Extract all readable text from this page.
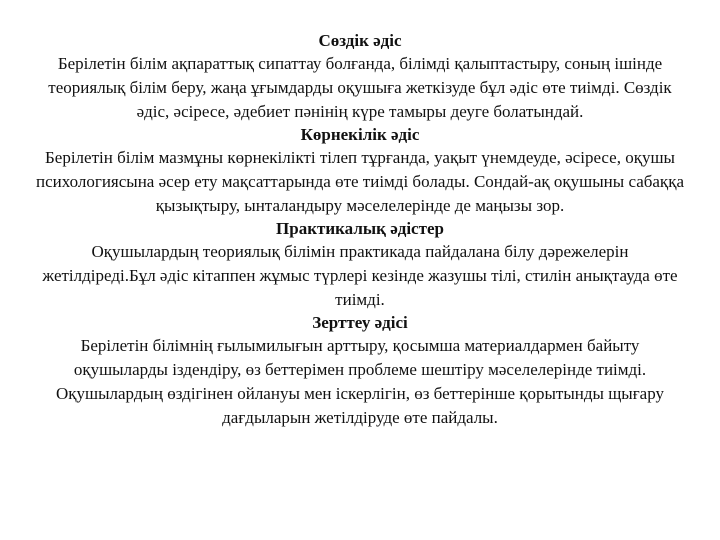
Сөздік әдіс

Берілетін білім ақпараттық сипаттау болғанда, білімді қалыптастыру, соның ішінде теориялық білім беру, жаңа ұғымдарды оқушыға жеткізуде бұл әдіс өте тиімді. Сөздік әдіс, әсіресе, әдебиет пәнінің күре тамыры деуге болатындай.

Көрнекілік әдіс

Берілетін білім мазмұны көрнекілікті тілеп тұрғанда, уақыт үнемдеуде, әсіресе, оқушы психологиясына әсер ету мақсаттарында өте тиімді болады. Сондай-ақ оқушыны сабаққа қызықтыру, ынталандыру мәселелерінде де маңызы зор.

Практикалық әдістер

Оқушылардың теориялық білімін практикада пайдалана білу дәрежелерін жетілдіреді.Бұл әдіс кітаппен жұмыс түрлері кезінде жазушы тілі, стилін анықтауда өте тиімді.

Зерттеу әдісі

Берілетін білімнің ғылымилығын арттыру, қосымша материалдармен байыту оқушыларды іздендіру, өз беттерімен проблеме шештіру мәселелерінде тиімді. Оқушылардың өздігінен ойлануы мен іскерлігін, өз беттерінше қорытынды щығару дағдыларын жетілдіруде өте пайдалы.
